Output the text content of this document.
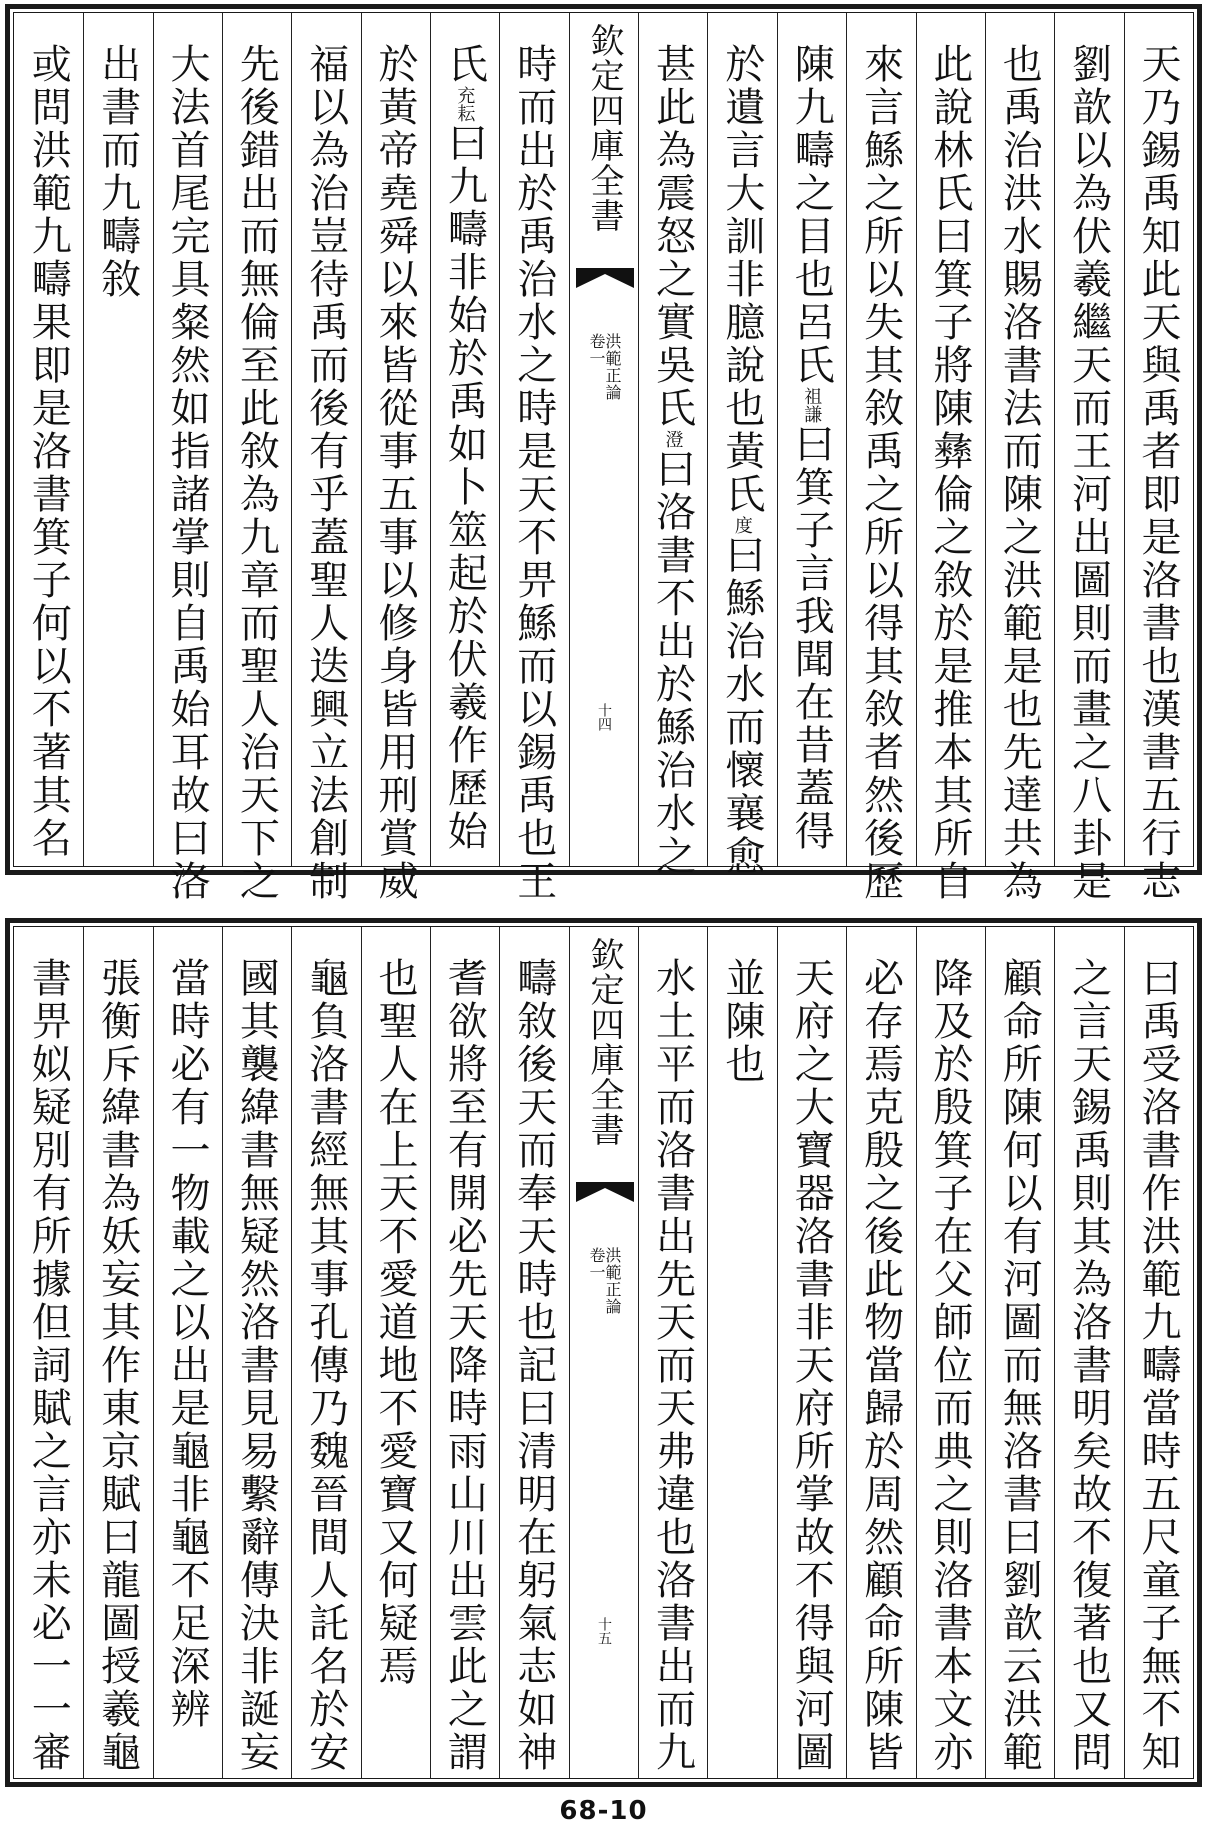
天乃錫禹知此天與禹者即是洛書也漢書五行志
劉歆以為伏羲繼天而王河出圖則而畫之八卦是
也禹治洪水賜洛書法而陳之洪範是也先達共為
此說林氏曰箕子將陳彝倫之敘於是推本其所自
來言鯀之所以失其敘禹之所以得其敘者然後歷
陳九疇之目也呂氏祖謙曰箕子言我聞在昔蓋得
於遺言大訓非臆說也黃氏度曰鯀治水而懷襄愈
甚此為震怒之實吳氏澄曰洛書不出於鯀治水之
欽定四庫全書
洪範正論
卷一
十四
時而出於禹治水之時是天不畀鯀而以錫禹也王
氏充耘曰九疇非始於禹如卜筮起於伏羲作歷始
於黃帝堯舜以來皆從事五事以修身皆用刑賞威
福以為治豈待禹而後有乎蓋聖人迭興立法創制
先後錯出而無倫至此敘為九章而聖人治天下之
大法首尾完具粲然如指諸掌則自禹始耳故曰洛
出書而九疇敘
或問洪範九疇果即是洛書箕子何以不著其名
曰禹受洛書作洪範九疇當時五尺童子無不知
之言天錫禹則其為洛書明矣故不復著也又問
顧命所陳何以有河圖而無洛書曰劉歆云洪範
降及於殷箕子在父師位而典之則洛書本文亦
必存焉克殷之後此物當歸於周然顧命所陳皆
天府之大寶器洛書非天府所掌故不得與河圖
並陳也
水土平而洛書出先天而天弗違也洛書出而九
欽定四庫全書
洪範正論
卷一
十五
疇敘後天而奉天時也記曰清明在躬氣志如神
耆欲將至有開必先天降時雨山川出雲此之謂
也聖人在上天不愛道地不愛寶又何疑焉
龜負洛書經無其事孔傳乃魏晉間人託名於安
國其襲緯書無疑然洛書見易繫辭傳決非誕妄
當時必有一物載之以出是龜非龜不足深辨
張衡斥緯書為妖妄其作東京賦曰龍圖授羲龜
書畀姒疑別有所據但詞賦之言亦未必一一審
68-10
